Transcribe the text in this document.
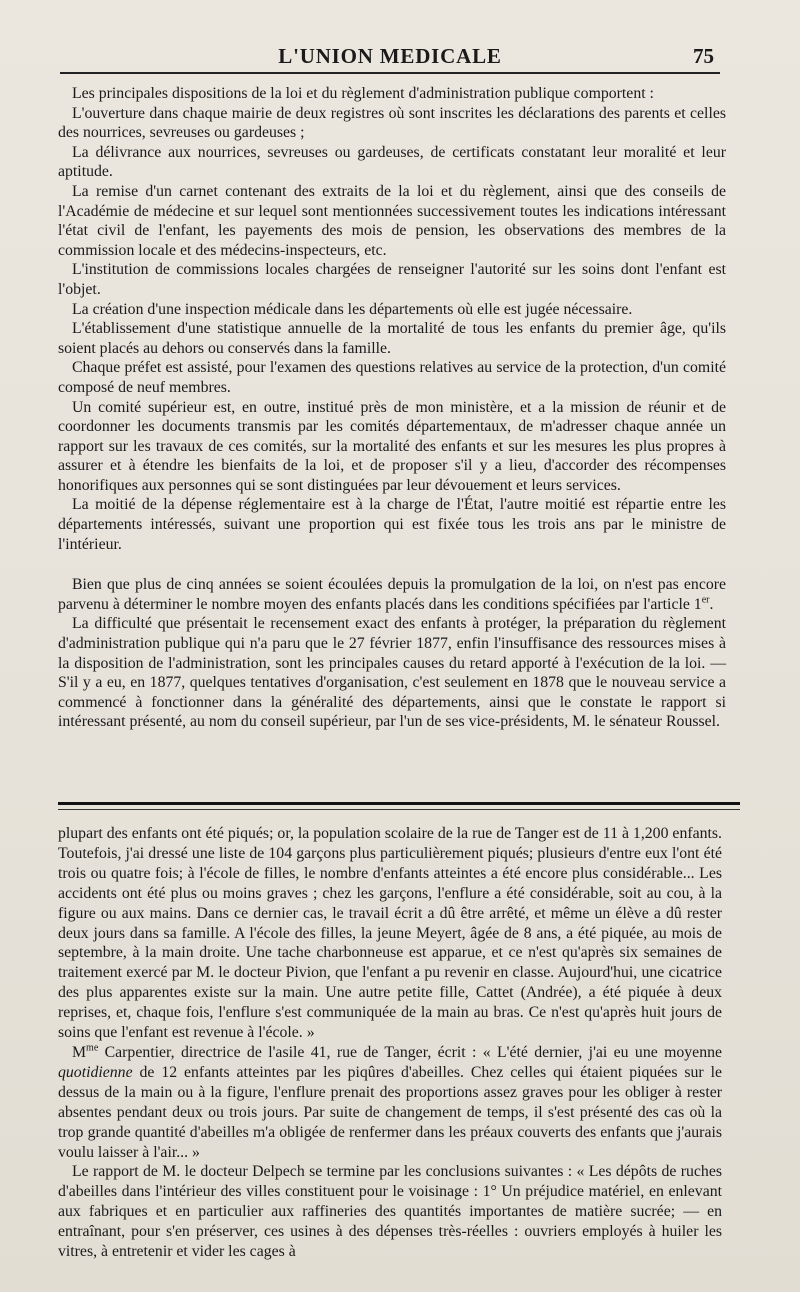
L'UNION MEDICALE	75

Les principales dispositions de la loi et du règlement d'administration publique comportent :

L'ouverture dans chaque mairie de deux registres où sont inscrites les déclarations des parents et celles des nourrices, sevreuses ou gardeuses ;

La délivrance aux nourrices, sevreuses ou gardeuses, de certificats constatant leur moralité et leur aptitude.

La remise d'un carnet contenant des extraits de la loi et du règlement, ainsi que des conseils de l'Académie de médecine et sur lequel sont mentionnées successivement toutes les indications intéressant l'état civil de l'enfant, les payements des mois de pension, les observations des membres de la commission locale et des médecins-inspecteurs, etc.

L'institution de commissions locales chargées de renseigner l'autorité sur les soins dont l'enfant est l'objet.

La création d'une inspection médicale dans les départements où elle est jugée nécessaire.

L'établissement d'une statistique annuelle de la mortalité de tous les enfants du premier âge, qu'ils soient placés au dehors ou conservés dans la famille.

Chaque préfet est assisté, pour l'examen des questions relatives au service de la protection, d'un comité composé de neuf membres.

Un comité supérieur est, en outre, institué près de mon ministère, et a la mission de réunir et de coordonner les documents transmis par les comités départementaux, de m'adresser chaque année un rapport sur les travaux de ces comités, sur la mortalité des enfants et sur les mesures les plus propres à assurer et à étendre les bienfaits de la loi, et de proposer s'il y a lieu, d'accorder des récompenses honorifiques aux personnes qui se sont distinguées par leur dévouement et leurs services.

La moitié de la dépense réglementaire est à la charge de l'État, l'autre moitié est répartie entre les départements intéressés, suivant une proportion qui est fixée tous les trois ans par le ministre de l'intérieur.

Bien que plus de cinq années se soient écoulées depuis la promulgation de la loi, on n'est pas encore parvenu à déterminer le nombre moyen des enfants placés dans les conditions spécifiées par l'article 1er.

La difficulté que présentait le recensement exact des enfants à protéger, la préparation du règlement d'administration publique qui n'a paru que le 27 février 1877, enfin l'insuffisance des ressources mises à la disposition de l'administration, sont les principales causes du retard apporté à l'exécution de la loi. — S'il y a eu, en 1877, quelques tentatives d'organisation, c'est seulement en 1878 que le nouveau service a commencé à fonctionner dans la généralité des départements, ainsi que le constate le rapport si intéressant présenté, au nom du conseil supérieur, par l'un de ses vice-présidents, M. le sénateur Roussel.

plupart des enfants ont été piqués; or, la population scolaire de la rue de Tanger est de 11 à 1,200 enfants. Toutefois, j'ai dressé une liste de 104 garçons plus particulièrement piqués; plusieurs d'entre eux l'ont été trois ou quatre fois; à l'école de filles, le nombre d'enfants atteintes a été encore plus considérable... Les accidents ont été plus ou moins graves ; chez les garçons, l'enflure a été considérable, soit au cou, à la figure ou aux mains. Dans ce dernier cas, le travail écrit a dû être arrêté, et même un élève a dû rester deux jours dans sa famille. A l'école des filles, la jeune Meyert, âgée de 8 ans, a été piquée, au mois de septembre, à la main droite. Une tache charbonneuse est apparue, et ce n'est qu'après six semaines de traitement exercé par M. le docteur Pivion, que l'enfant a pu revenir en classe. Aujourd'hui, une cicatrice des plus apparentes existe sur la main. Une autre petite fille, Cattet (Andrée), a été piquée à deux reprises, et, chaque fois, l'enflure s'est communiquée de la main au bras. Ce n'est qu'après huit jours de soins que l'enfant est revenue à l'école. »

$M^{me}$ Carpentier, directrice de l'asile 41, rue de Tanger, écrit : « L'été dernier, j'ai eu une moyenne quotidienne de 12 enfants atteintes par les piqûres d'abeilles. Chez celles qui étaient piquées sur le dessus de la main ou à la figure, l'enflure prenait des proportions assez graves pour les obliger à rester absentes pendant deux ou trois jours. Par suite de changement de temps, il s'est présenté des cas où la trop grande quantité d'abeilles m'a obligée de renfermer dans les préaux couverts des enfants que j'aurais voulu laisser à l'air... »

Le rapport de M. le docteur Delpech se termine par les conclusions suivantes : « Les dépôts de ruches d'abeilles dans l'intérieur des villes constituent pour le voisinage : 1° Un préjudice matériel, en enlevant aux fabriques et en particulier aux raffineries des quantités importantes de matière sucrée; — en entraînant, pour s'en préserver, ces usines à des dépenses très-réelles : ouvriers employés à huiler les vitres, à entretenir et vider les cages à
